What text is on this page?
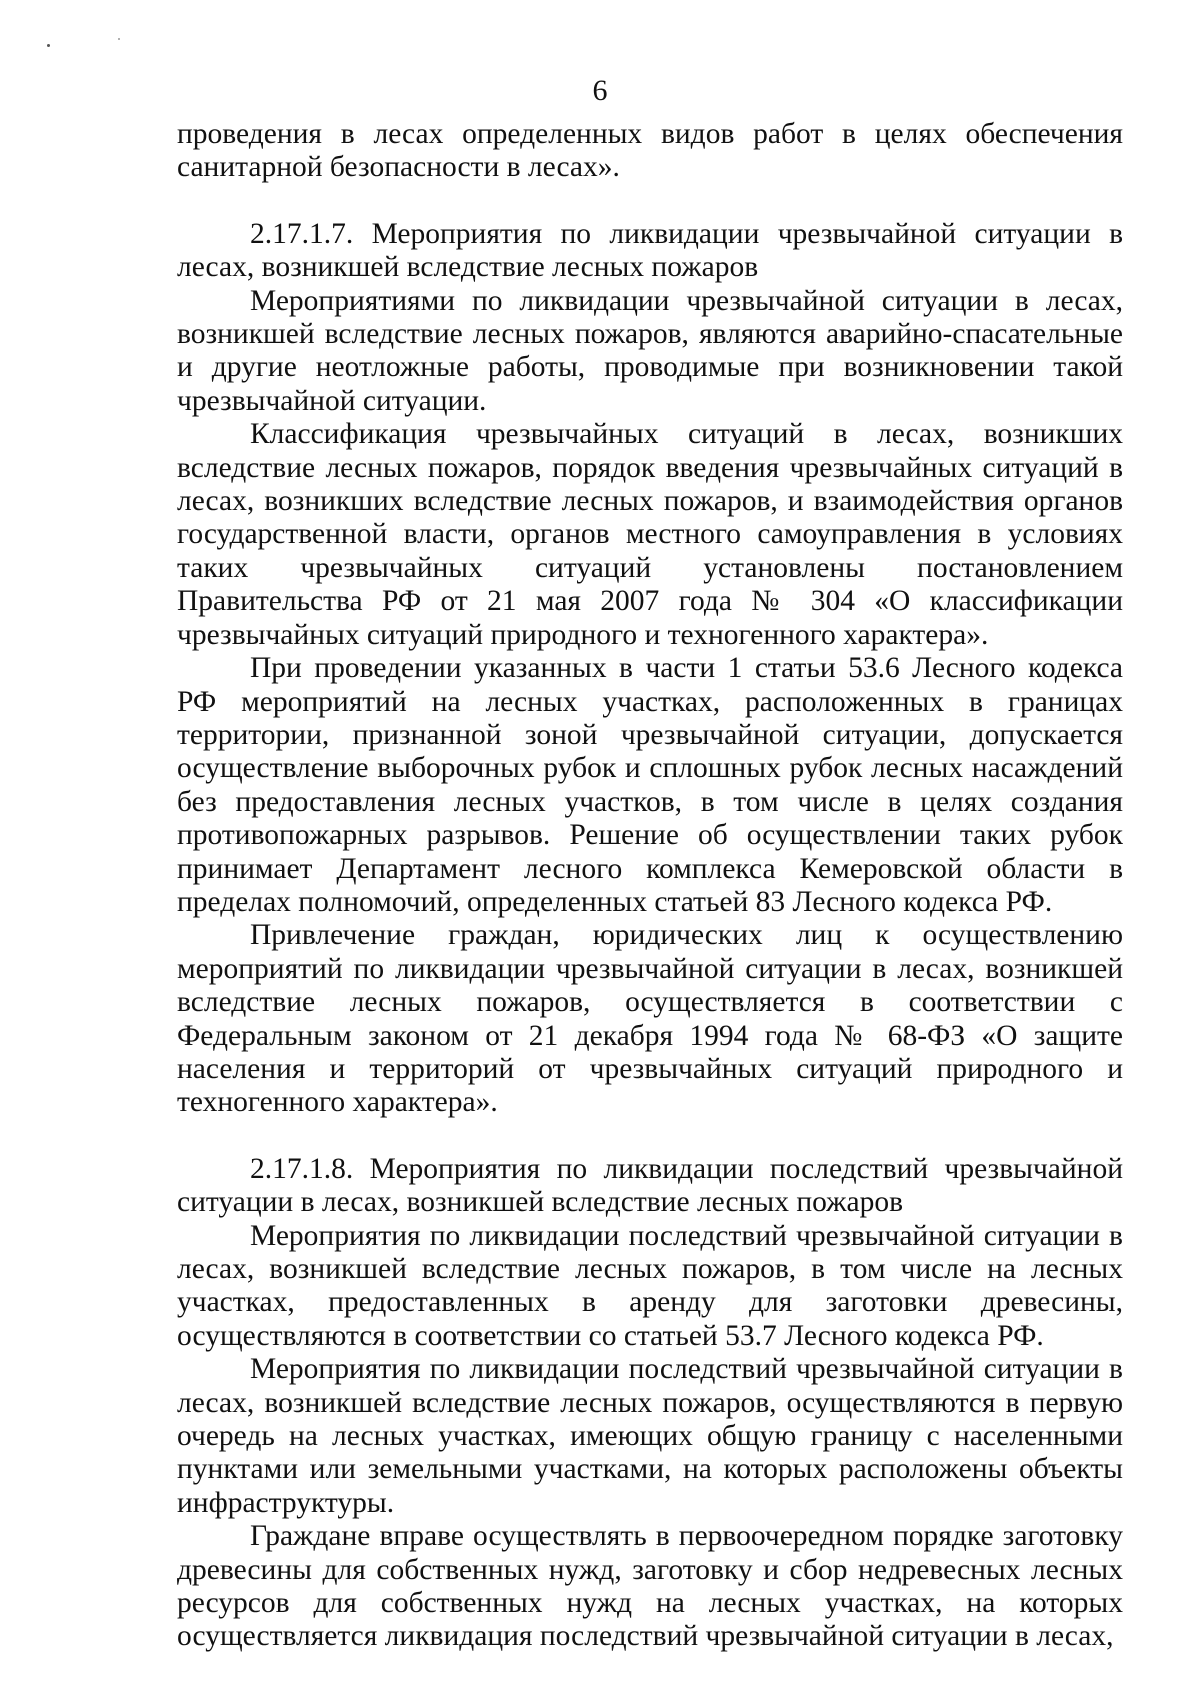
6

проведения в лесах определенных видов работ в целях обеспечения санитарной безопасности в лесах».

2.17.1.7. Мероприятия по ликвидации чрезвычайной ситуации в лесах, возникшей вследствие лесных пожаров

Мероприятиями по ликвидации чрезвычайной ситуации в лесах, возникшей вследствие лесных пожаров, являются аварийно-спасательные и другие неотложные работы, проводимые при возникновении такой чрезвычайной ситуации.

Классификация чрезвычайных ситуаций в лесах, возникших вследствие лесных пожаров, порядок введения чрезвычайных ситуаций в лесах, возникших вследствие лесных пожаров, и взаимодействия органов государственной власти, органов местного самоуправления в условиях таких чрезвычайных ситуаций установлены постановлением Правительства РФ от 21 мая 2007 года № 304 «О классификации чрезвычайных ситуаций природного и техногенного характера».

При проведении указанных в части 1 статьи 53.6 Лесного кодекса РФ мероприятий на лесных участках, расположенных в границах территории, признанной зоной чрезвычайной ситуации, допускается осуществление выборочных рубок и сплошных рубок лесных насаждений без предоставления лесных участков, в том числе в целях создания противопожарных разрывов. Решение об осуществлении таких рубок принимает Департамент лесного комплекса Кемеровской области в пределах полномочий, определенных статьей 83 Лесного кодекса РФ.

Привлечение граждан, юридических лиц к осуществлению мероприятий по ликвидации чрезвычайной ситуации в лесах, возникшей вследствие лесных пожаров, осуществляется в соответствии с Федеральным законом от 21 декабря 1994 года № 68-ФЗ «О защите населения и территорий от чрезвычайных ситуаций природного и техногенного характера».

2.17.1.8. Мероприятия по ликвидации последствий чрезвычайной ситуации в лесах, возникшей вследствие лесных пожаров

Мероприятия по ликвидации последствий чрезвычайной ситуации в лесах, возникшей вследствие лесных пожаров, в том числе на лесных участках, предоставленных в аренду для заготовки древесины, осуществляются в соответствии со статьей 53.7 Лесного кодекса РФ.

Мероприятия по ликвидации последствий чрезвычайной ситуации в лесах, возникшей вследствие лесных пожаров, осуществляются в первую очередь на лесных участках, имеющих общую границу с населенными пунктами или земельными участками, на которых расположены объекты инфраструктуры.

Граждане вправе осуществлять в первоочередном порядке заготовку древесины для собственных нужд, заготовку и сбор недревесных лесных ресурсов для собственных нужд на лесных участках, на которых осуществляется ликвидация последствий чрезвычайной ситуации в лесах,
